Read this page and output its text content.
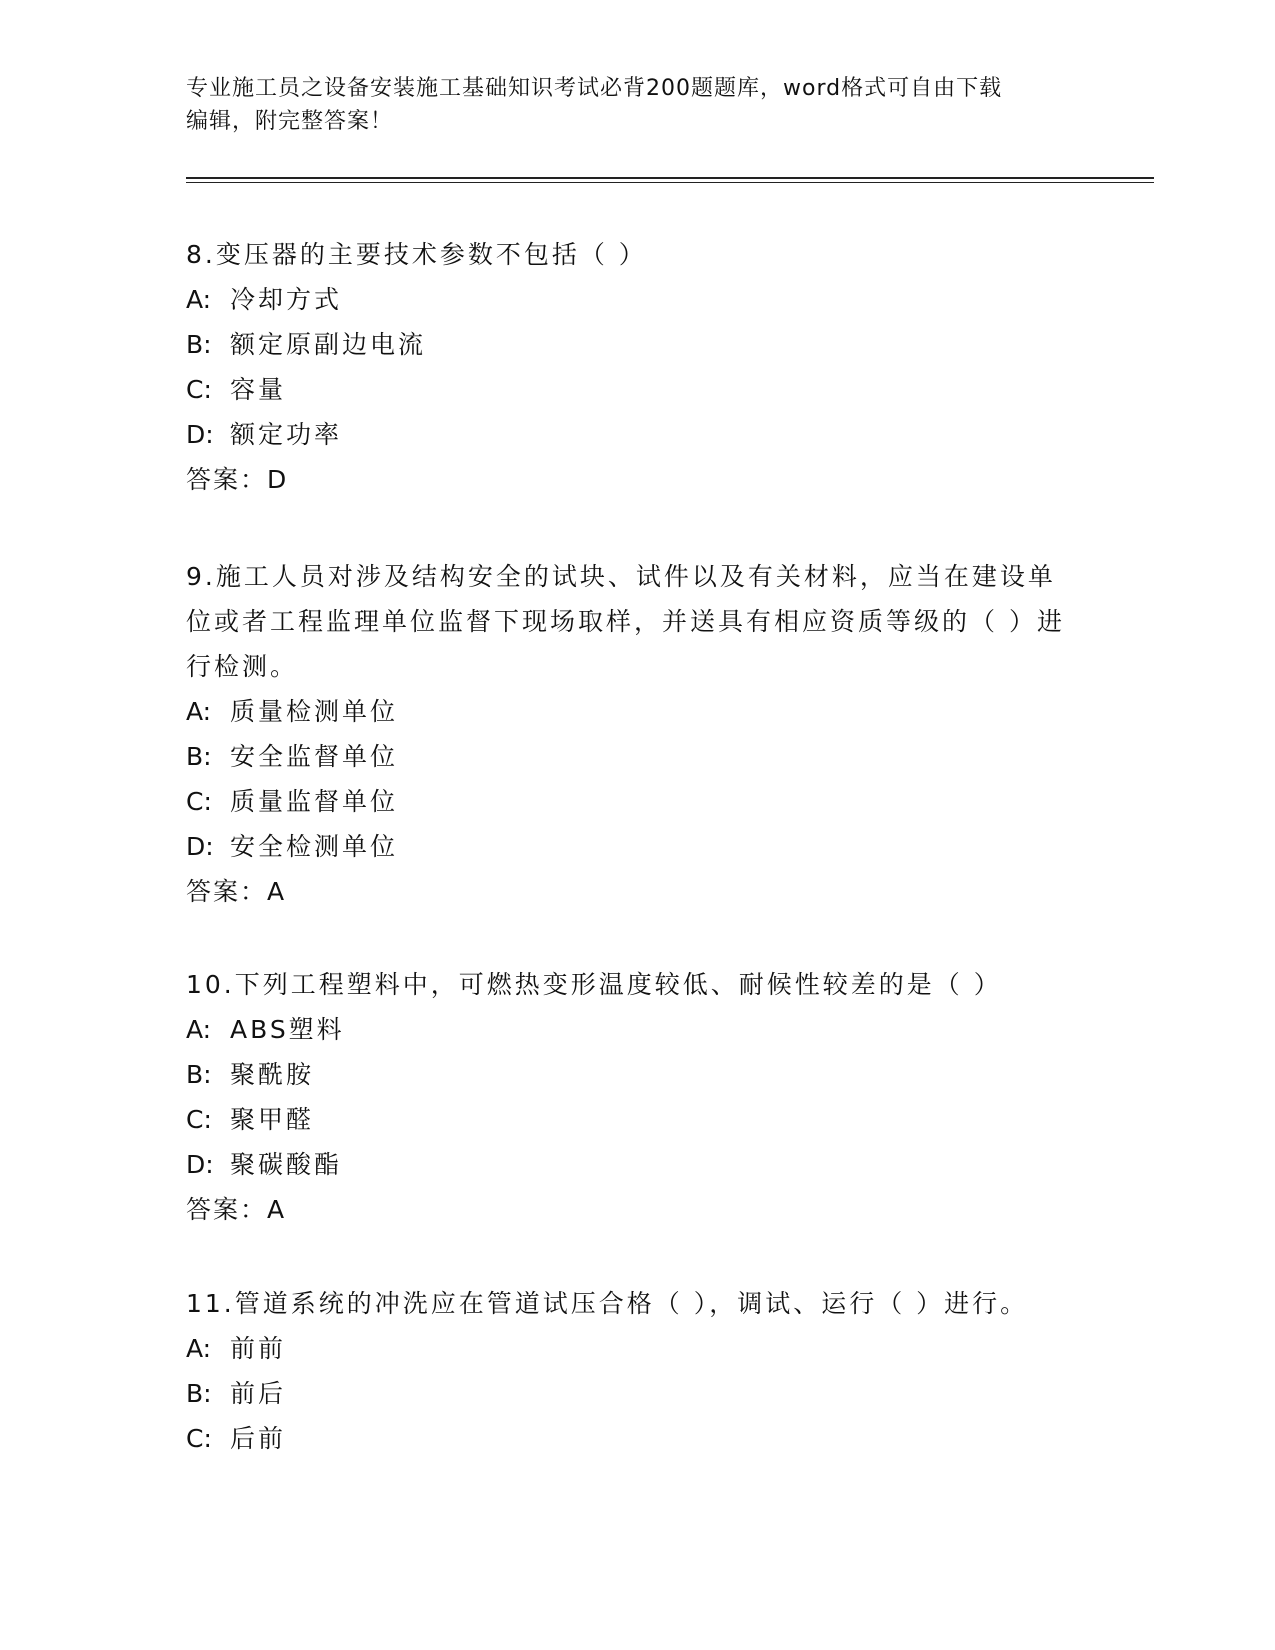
专业施工员之设备安装施工基础知识考试必背200题题库，word格式可自由下载
编辑，附完整答案！

8.变压器的主要技术参数不包括（ ）

A: 冷却方式
B: 额定原副边电流
C: 容量
D: 额定功率
答案：D

9.施工人员对涉及结构安全的试块、试件以及有关材料，应当在建设单位或者工程监理单位监督下现场取样，并送具有相应资质等级的（ ）进行检测。

A: 质量检测单位
B: 安全监督单位
C: 质量监督单位
D: 安全检测单位
答案：A

10.下列工程塑料中，可燃热变形温度较低、耐候性较差的是（ ）

A: ABS塑料
B: 聚酰胺
C: 聚甲醛
D: 聚碳酸酯
答案：A

11.管道系统的冲洗应在管道试压合格（ ），调试、运行（ ）进行。

A: 前前
B: 前后
C: 后前
